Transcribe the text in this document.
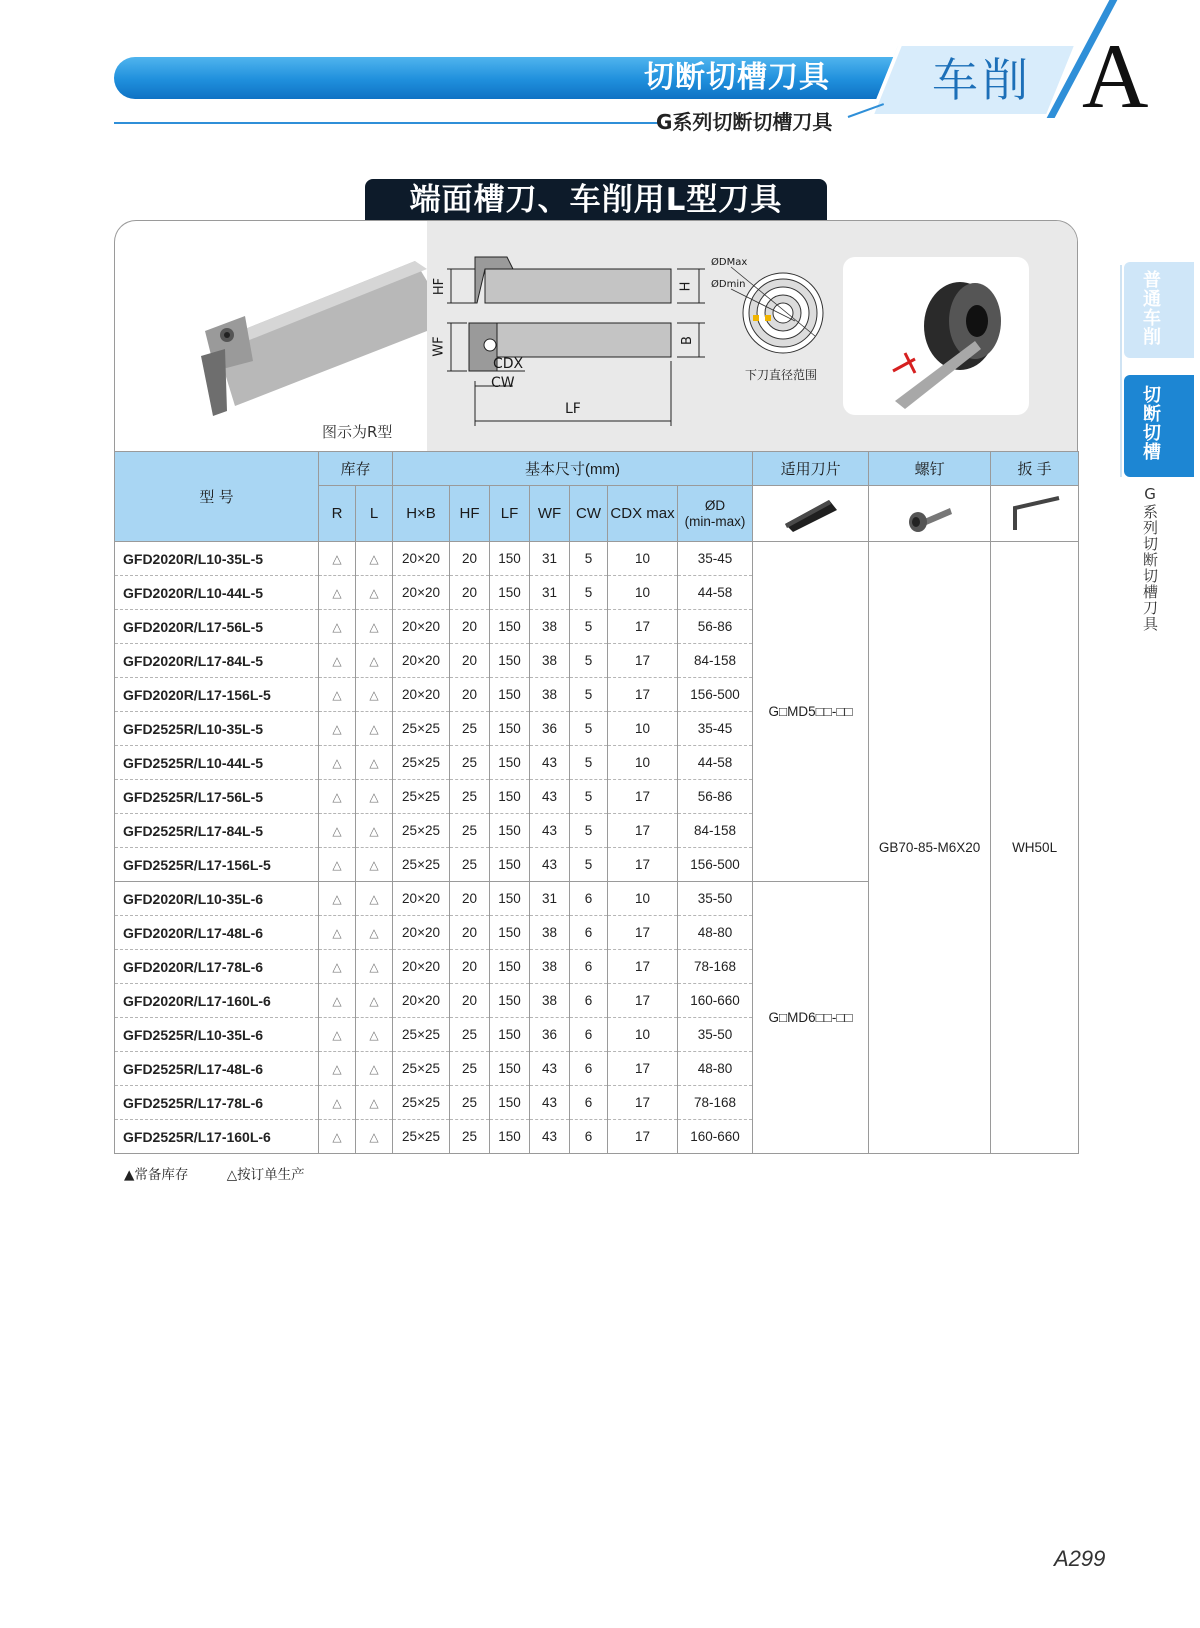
切断切槽刀具 车削 A
G系列切断切槽刀具
普通车削
切断切槽
G系列切断切槽刀具
端面槽刀、车削用L型刀具
HF	H
WF	B
CDX
CW
LF
ØDMax
ØDmin
下刀直径范围
图示为R型
型 号	库存		基本尺寸(mm)							适用刀片	螺钉	扳 手
	R	L	H×B	HF	LF	WF	CW	CDX max	ØD
(min-max)

GFD2020R/L10-35L-5	△	△	20×20	20	150	31	5	10	35-45	G□MD5□□-□□	GB70-85-M6X20	WH50L
GFD2020R/L10-44L-5	△	△	20×20	20	150	31	5	10	44-58			
GFD2020R/L17-56L-5	△	△	20×20	20	150	38	5	17	56-86			
GFD2020R/L17-84L-5	△	△	20×20	20	150	38	5	17	84-158			
GFD2020R/L17-156L-5	△	△	20×20	20	150	38	5	17	156-500			
GFD2525R/L10-35L-5	△	△	25×25	25	150	36	5	10	35-45			
GFD2525R/L10-44L-5	△	△	25×25	25	150	43	5	10	44-58			
GFD2525R/L17-56L-5	△	△	25×25	25	150	43	5	17	56-86			
GFD2525R/L17-84L-5	△	△	25×25	25	150	43	5	17	84-158			
GFD2525R/L17-156L-5	△	△	25×25	25	150	43	5	17	156-500			
GFD2020R/L10-35L-6	△	△	20×20	20	150	31	6	10	35-50	G□MD6□□-□□		
GFD2020R/L17-48L-6	△	△	20×20	20	150	38	6	17	48-80			
GFD2020R/L17-78L-6	△	△	20×20	20	150	38	6	17	78-168			
GFD2020R/L17-160L-6	△	△	20×20	20	150	38	6	17	160-660			
GFD2525R/L10-35L-6	△	△	25×25	25	150	36	6	10	35-50			
GFD2525R/L17-48L-6	△	△	25×25	25	150	43	6	17	48-80			
GFD2525R/L17-78L-6	△	△	25×25	25	150	43	6	17	78-168			
GFD2525R/L17-160L-6	△	△	25×25	25	150	43	6	17	160-660			
▲常备库存	△按订单生产
A299
